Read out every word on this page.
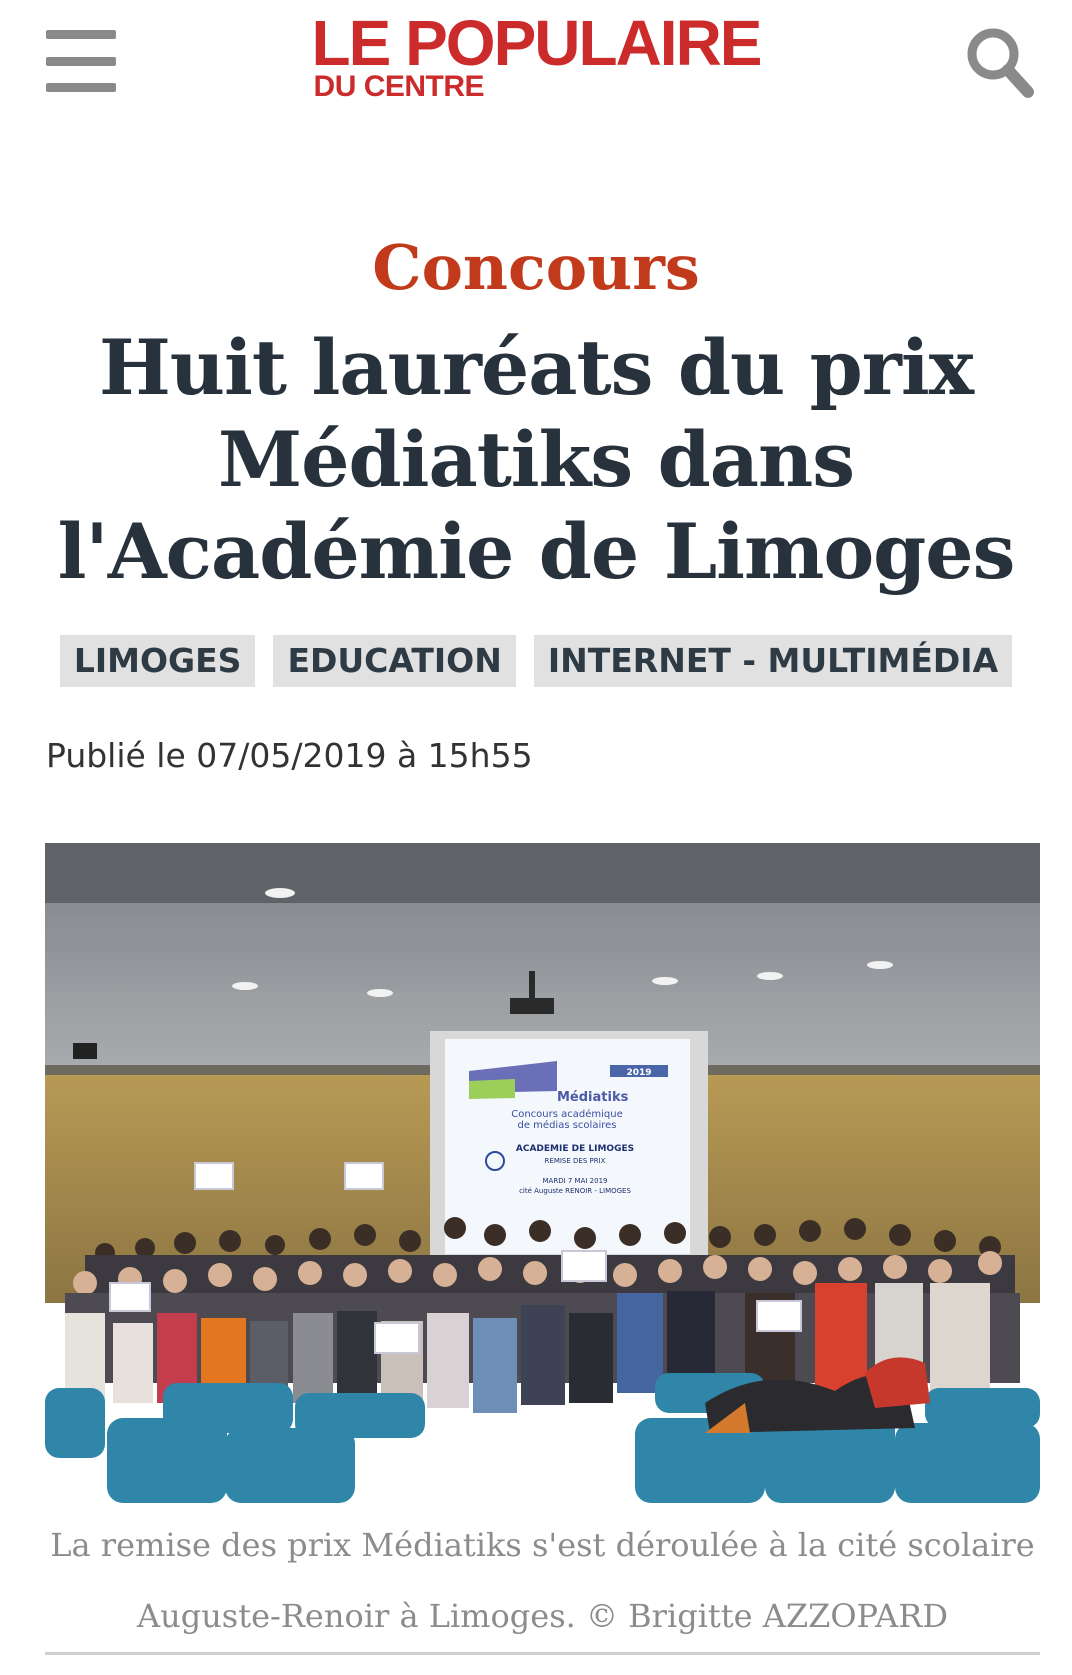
LE POPULAIRE
DU CENTRE
Concours
Huit lauréats du prix
Médiatiks dans
l'Académie de Limoges
LIMOGES	EDUCATION	INTERNET - MULTIMÉDIA
Publié le 07/05/2019 à 15h55
2019
Médiatiks
Concours académique
de médias scolaires
ACADEMIE DE LIMOGES
REMISE DES PRIX
MARDI 7 MAI 2019
cité Auguste RENOIR - LIMOGES
La remise des prix Médiatiks s'est déroulée à la cité scolaire Auguste-Renoir à Limoges. © Brigitte AZZOPARD
